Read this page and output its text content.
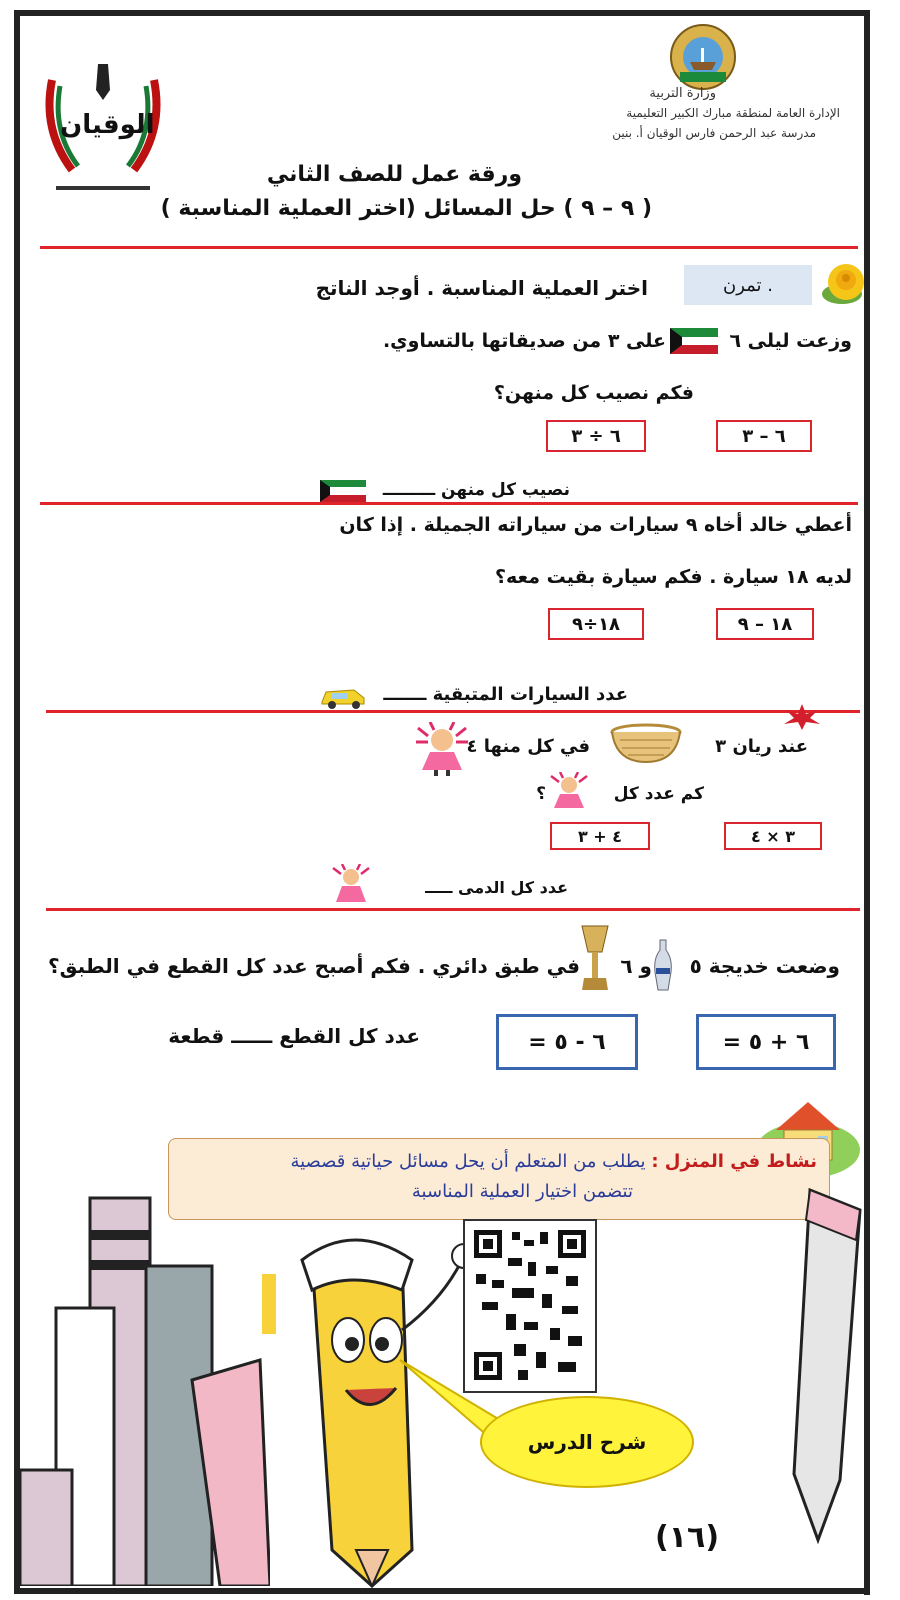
وزارة التربية
الإدارة العامة لمنطقة مبارك الكبير التعليمية
مدرسة عبد الرحمن فارس الوقيان أ. بنين
الوقيان
ورقة عمل للصف الثاني
( ٩ – ٩ ) حل المسائل (اختر العملية المناسبة )
تمرن .
اختر العملية المناسبة . أوجد الناتج
وزعت ليلى ٦
على ٣ من صديقاتها بالتساوي.
فكم نصيب كل منهن؟
٦ ÷ ٣	٦ – ٣
نصيب كل منهن ـــــــــ
أعطي خالد أخاه ٩ سيارات من سياراته الجميلة . إذا كان
لديه ١٨ سيارة . فكم سيارة بقيت معه؟
١٨÷٩	١٨ – ٩
عدد السيارات المتبقية ـــــــ
عند ريان ٣
في كل منها ٤
كم عدد كل
؟
٤ + ٣	٣ × ٤
عدد كل الدمى ـــــ
وضعت خديجة ٥
و ٦
في طبق دائري . فكم أصبح عدد كل القطع في الطبق؟
عدد كل القطع ــــــ قطعة	٦ - ٥ =	٦ + ٥ =
نشاط في المنزل : يطلب من المتعلم أن يحل مسائل حياتية قصصية
تتضمن اختيار العملية المناسبة
شرح الدرس
(١٦)
